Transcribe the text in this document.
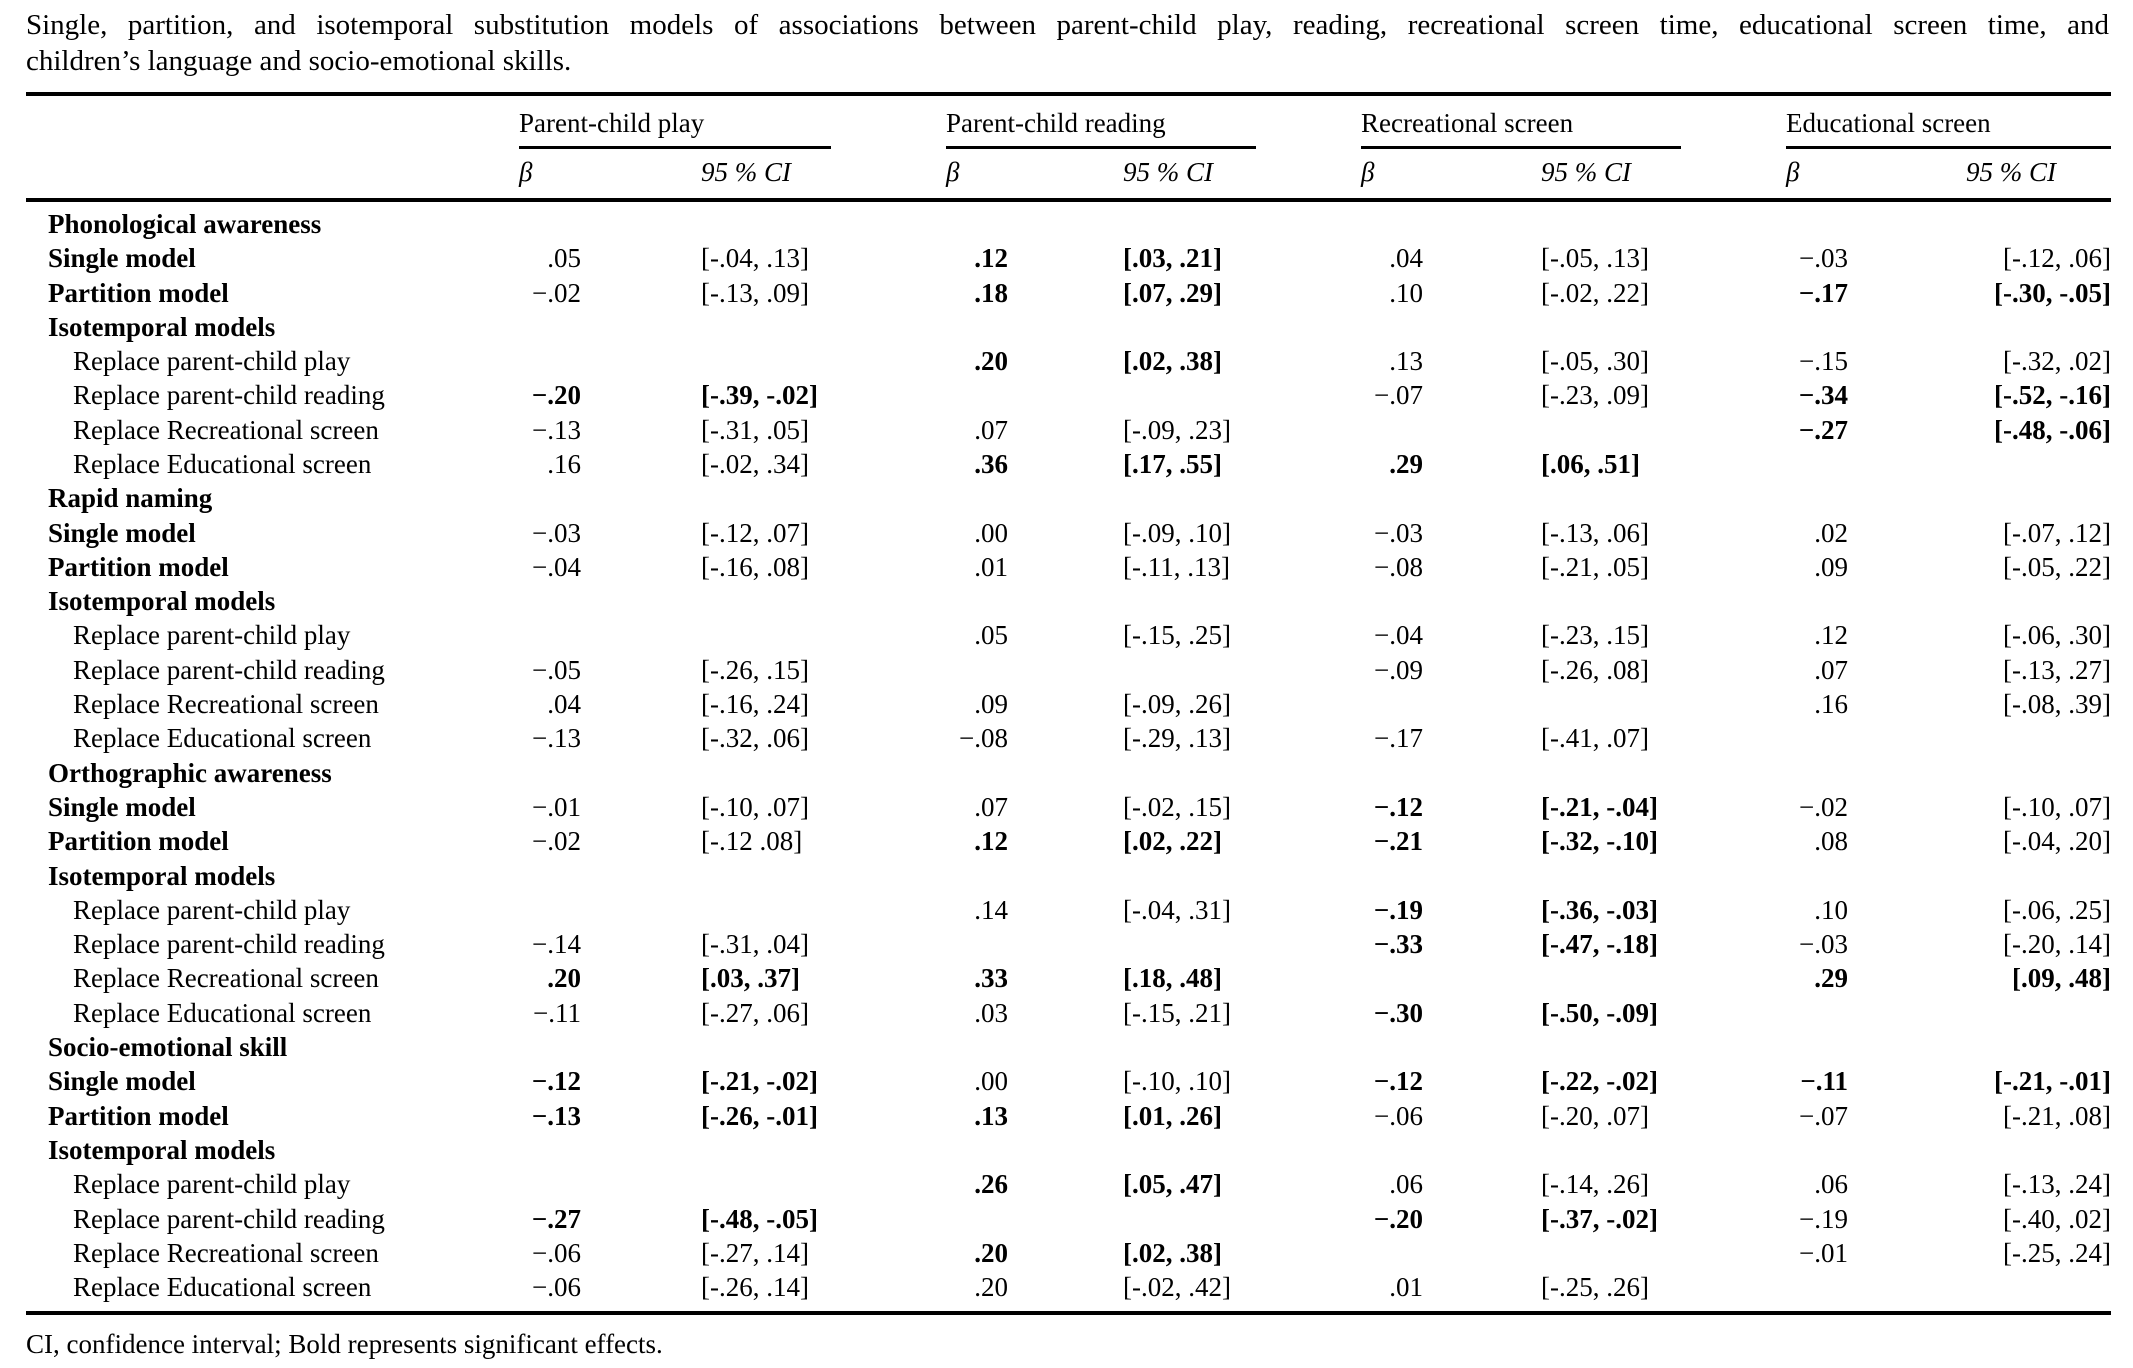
Single, partition, and isotemporal substitution models of associations between parent-child play, reading, recreational screen time, educational screen time, and
children’s language and socio-emotional skills.

	Parent-child play		Parent-child reading		Recreational screen		Educational screen	

	β	95 % CI	β	95 % CI	β	95 % CI	β	95 % CI
Phonological awareness								
Single model	.05	[-.04, .13]	.12	[.03, .21]	.04	[-.05, .13]	−.03	[-.12, .06]
Partition model	−.02	[-.13, .09]	.18	[.07, .29]	.10	[-.02, .22]	−.17	[-.30, -.05]
Isotemporal models								
Replace parent-child play			.20	[.02, .38]	.13	[-.05, .30]	−.15	[-.32, .02]
Replace parent-child reading	−.20	[-.39, -.02]			−.07	[-.23, .09]	−.34	[-.52, -.16]
Replace Recreational screen	−.13	[-.31, .05]	.07	[-.09, .23]			−.27	[-.48, -.06]
Replace Educational screen	.16	[-.02, .34]	.36	[.17, .55]	.29	[.06, .51]		
Rapid naming								
Single model	−.03	[-.12, .07]	.00	[-.09, .10]	−.03	[-.13, .06]	.02	[-.07, .12]
Partition model	−.04	[-.16, .08]	.01	[-.11, .13]	−.08	[-.21, .05]	.09	[-.05, .22]
Isotemporal models								
Replace parent-child play			.05	[-.15, .25]	−.04	[-.23, .15]	.12	[-.06, .30]
Replace parent-child reading	−.05	[-.26, .15]			−.09	[-.26, .08]	.07	[-.13, .27]
Replace Recreational screen	.04	[-.16, .24]	.09	[-.09, .26]			.16	[-.08, .39]
Replace Educational screen	−.13	[-.32, .06]	−.08	[-.29, .13]	−.17	[-.41, .07]		
Orthographic awareness								
Single model	−.01	[-.10, .07]	.07	[-.02, .15]	−.12	[-.21, -.04]	−.02	[-.10, .07]
Partition model	−.02	[-.12 .08]	.12	[.02, .22]	−.21	[-.32, -.10]	.08	[-.04, .20]
Isotemporal models								
Replace parent-child play			.14	[-.04, .31]	−.19	[-.36, -.03]	.10	[-.06, .25]
Replace parent-child reading	−.14	[-.31, .04]			−.33	[-.47, -.18]	−.03	[-.20, .14]
Replace Recreational screen	.20	[.03, .37]	.33	[.18, .48]			.29	[.09, .48]
Replace Educational screen	−.11	[-.27, .06]	.03	[-.15, .21]	−.30	[-.50, -.09]		
Socio-emotional skill								
Single model	−.12	[-.21, -.02]	.00	[-.10, .10]	−.12	[-.22, -.02]	−.11	[-.21, -.01]
Partition model	−.13	[-.26, -.01]	.13	[.01, .26]	−.06	[-.20, .07]	−.07	[-.21, .08]
Isotemporal models								
Replace parent-child play			.26	[.05, .47]	.06	[-.14, .26]	.06	[-.13, .24]
Replace parent-child reading	−.27	[-.48, -.05]			−.20	[-.37, -.02]	−.19	[-.40, .02]
Replace Recreational screen	−.06	[-.27, .14]	.20	[.02, .38]			−.01	[-.25, .24]
Replace Educational screen	−.06	[-.26, .14]	.20	[-.02, .42]	.01	[-.25, .26]		
CI, confidence interval; Bold represents significant effects.
